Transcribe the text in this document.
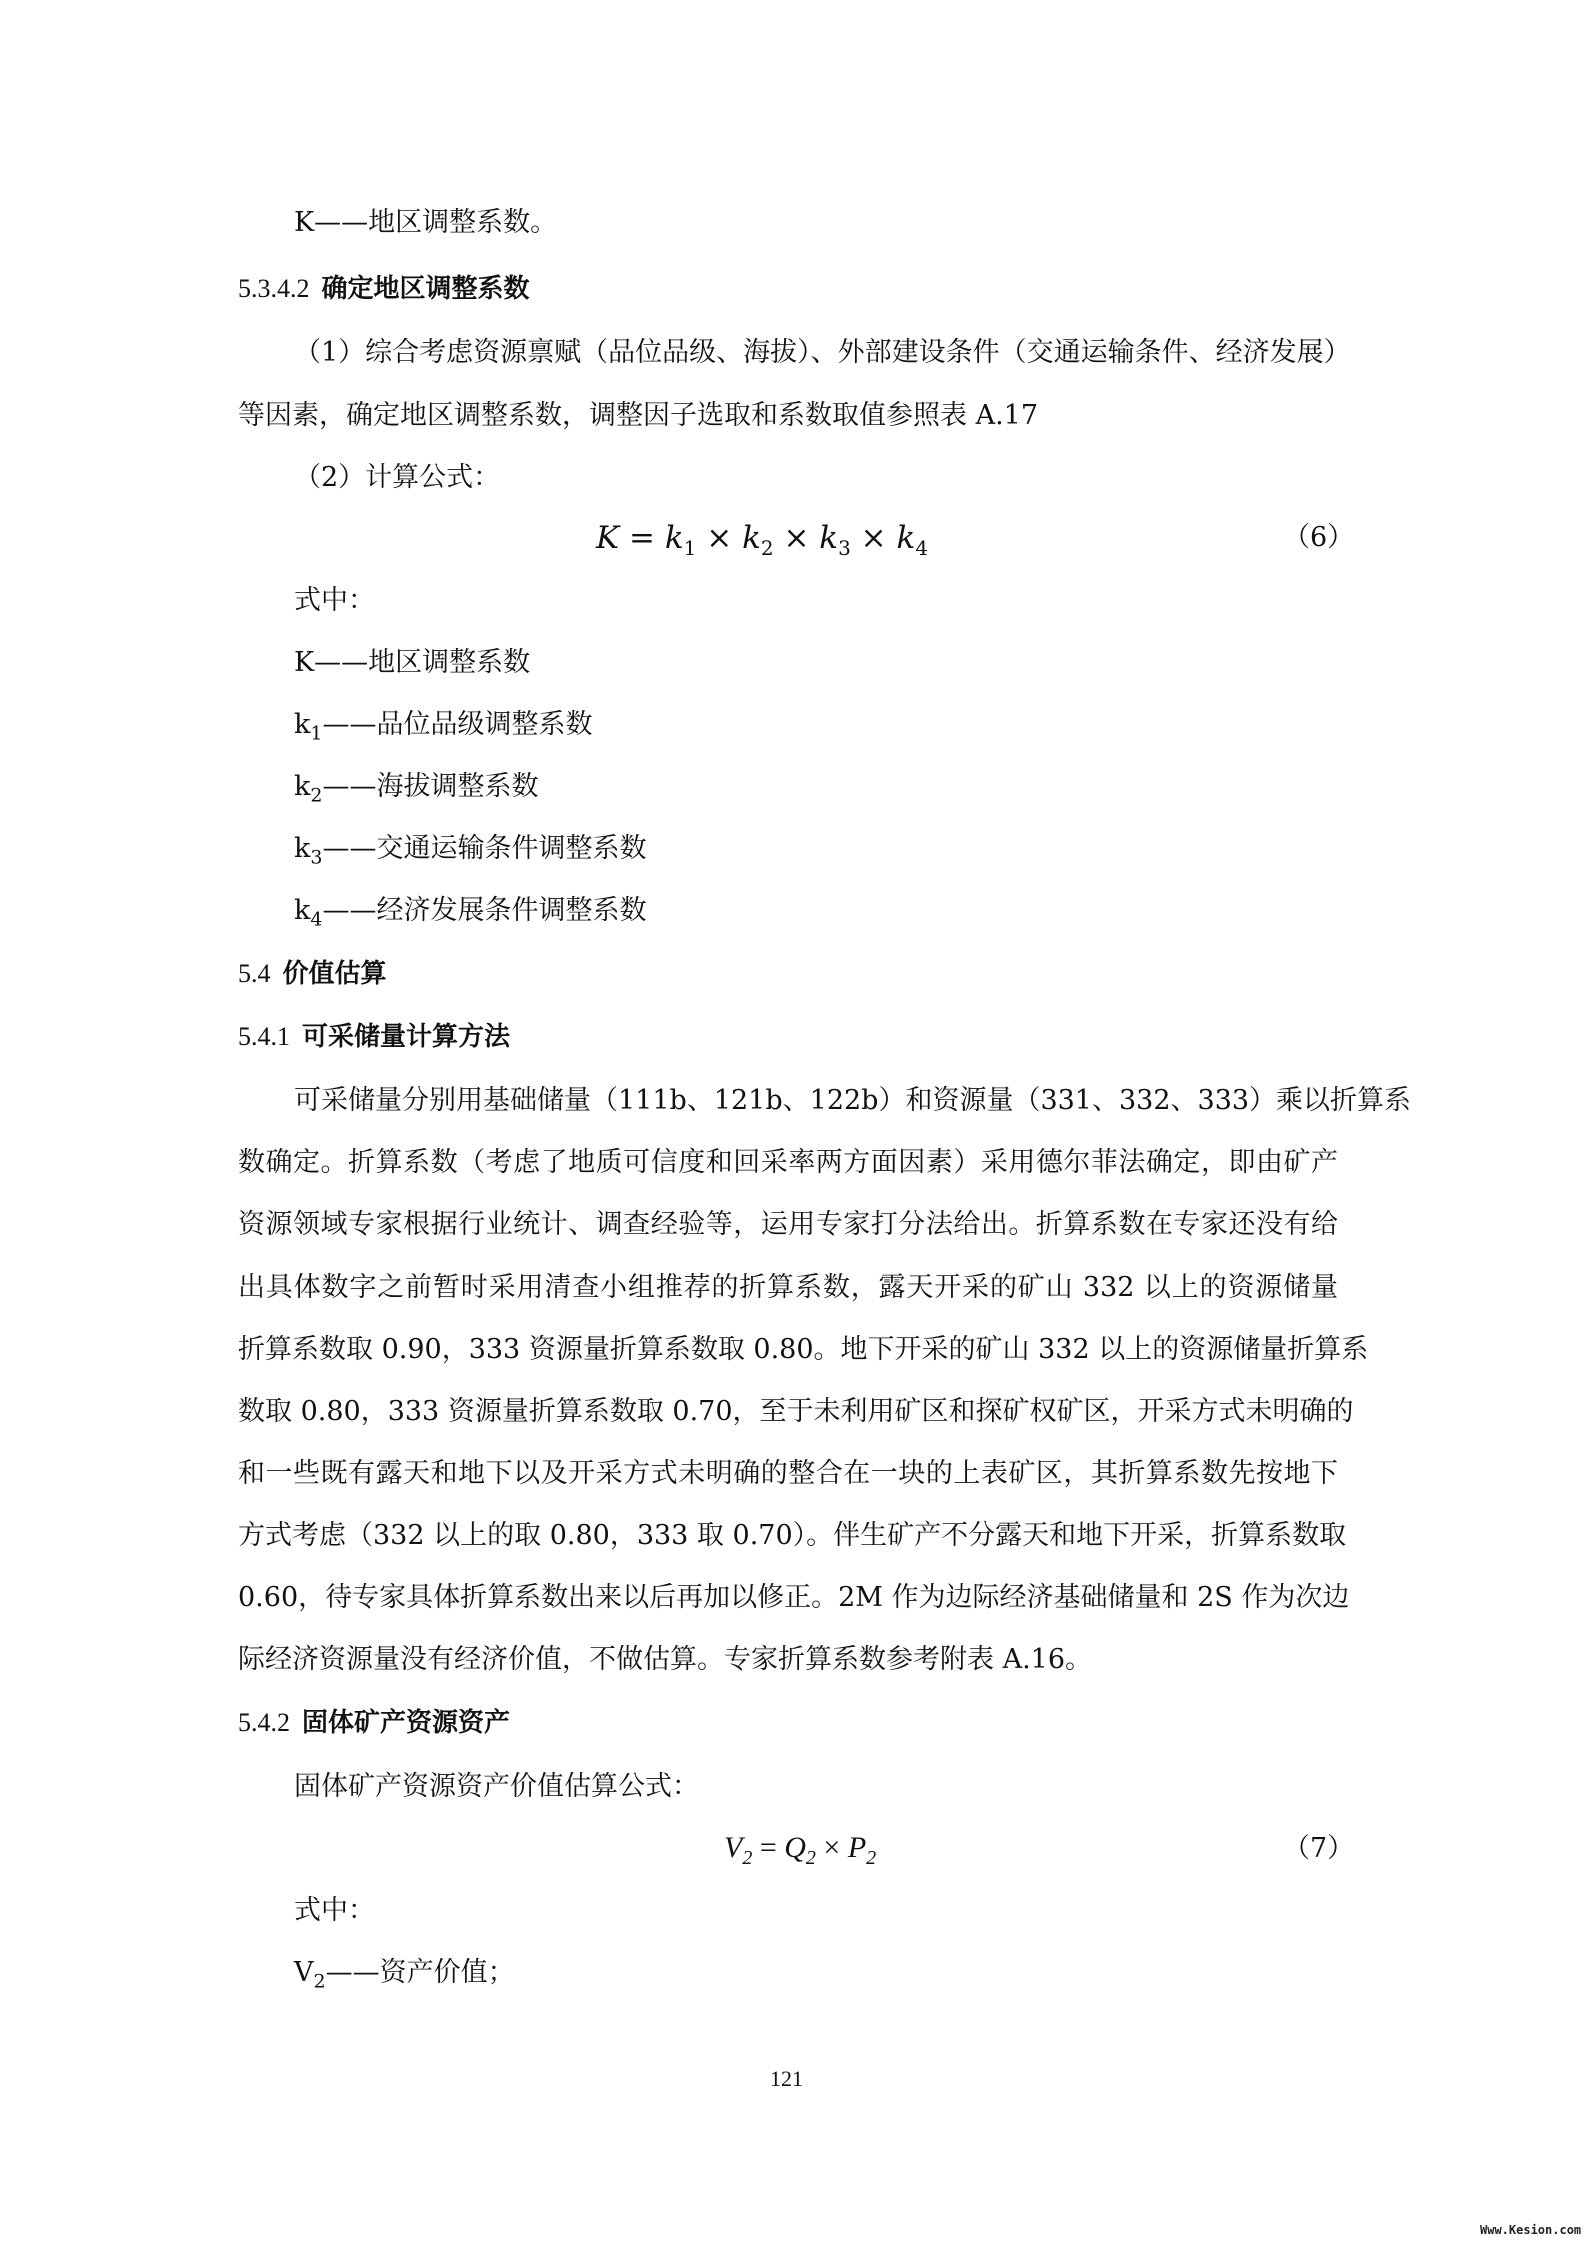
K——地区调整系数。
5.3.4.2 确定地区调整系数
（1）综合考虑资源禀赋（品位品级、海拔）、外部建设条件（交通运输条件、经济发展）
等因素，确定地区调整系数，调整因子选取和系数取值参照表 A.17
（2）计算公式：
$K = k_1 \times k_2 \times k_3 \times k_4$	（6）
式中：
K——地区调整系数
$k_1——$品位品级调整系数
$k_2——$海拔调整系数
$k_3——$交通运输条件调整系数
$k_4——$经济发展条件调整系数
5.4 价值估算
5.4.1 可采储量计算方法
可采储量分别用基础储量（111b、121b、122b）和资源量（331、332、333）乘以折算系
数确定。折算系数（考虑了地质可信度和回采率两方面因素）采用德尔菲法确定，即由矿产
资源领域专家根据行业统计、调查经验等，运用专家打分法给出。折算系数在专家还没有给
出具体数字之前暂时采用清查小组推荐的折算系数，露天开采的矿山 332 以上的资源储量
折算系数取 0.90，333 资源量折算系数取 0.80。地下开采的矿山 332 以上的资源储量折算系
数取 0.80，333 资源量折算系数取 0.70，至于未利用矿区和探矿权矿区，开采方式未明确的
和一些既有露天和地下以及开采方式未明确的整合在一块的上表矿区，其折算系数先按地下
方式考虑（332 以上的取 0.80，333 取 0.70）。伴生矿产不分露天和地下开采，折算系数取
0.60，待专家具体折算系数出来以后再加以修正。2M 作为边际经济基础储量和 2S 作为次边
际经济资源量没有经济价值，不做估算。专家折算系数参考附表 A.16。
5.4.2 固体矿产资源资产
固体矿产资源资产价值估算公式：
$V_2 = Q_2 \times P_2$	（7）
式中：
$V_2——$资产价值；
121
Www.Kesion.com
